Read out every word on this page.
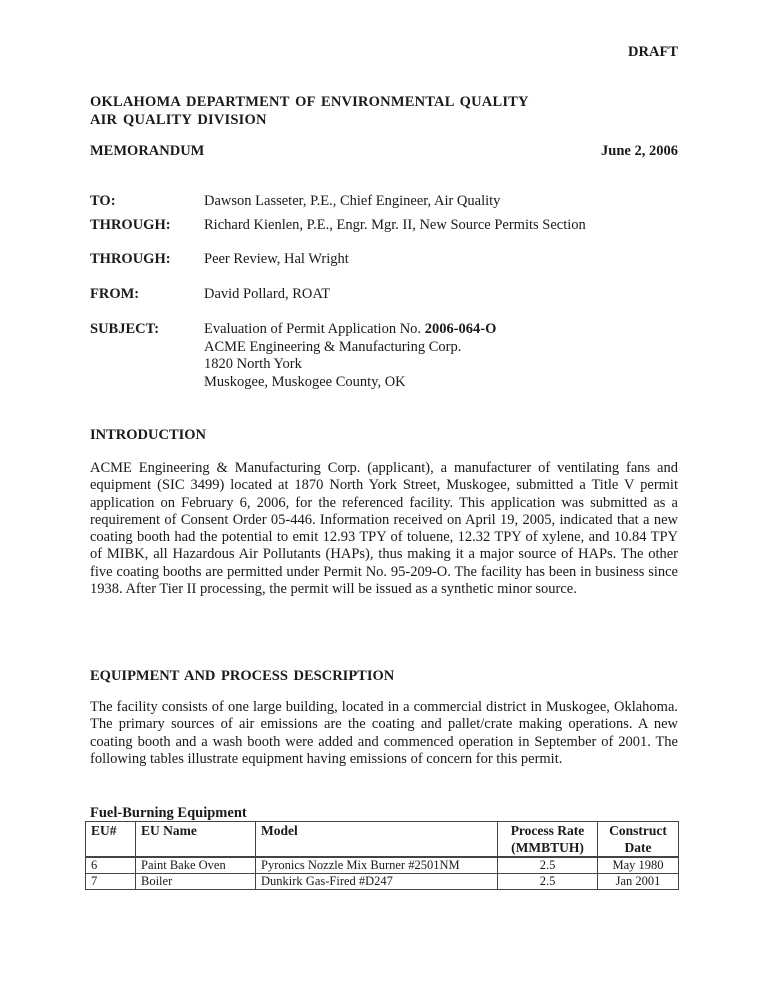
DRAFT
OKLAHOMA DEPARTMENT OF ENVIRONMENTAL QUALITY
AIR QUALITY DIVISION
MEMORANDUM	June 2, 2006
TO:	Dawson Lasseter, P.E., Chief Engineer, Air Quality
THROUGH:	Richard Kienlen, P.E., Engr. Mgr. II, New Source Permits Section
THROUGH:	Peer Review, Hal Wright
FROM:	David Pollard, ROAT
SUBJECT:	Evaluation of Permit Application No. 2006-064-O
ACME Engineering & Manufacturing Corp.
1820 North York
Muskogee, Muskogee County, OK
INTRODUCTION
ACME Engineering & Manufacturing Corp. (applicant), a manufacturer of ventilating fans and equipment (SIC 3499) located at 1870 North York Street, Muskogee, submitted a Title V permit application on February 6, 2006, for the referenced facility. This application was submitted as a requirement of Consent Order 05-446. Information received on April 19, 2005, indicated that a new coating booth had the potential to emit 12.93 TPY of toluene, 12.32 TPY of xylene, and 10.84 TPY of MIBK, all Hazardous Air Pollutants (HAPs), thus making it a major source of HAPs. The other five coating booths are permitted under Permit No. 95-209-O. The facility has been in business since 1938. After Tier II processing, the permit will be issued as a synthetic minor source.
EQUIPMENT AND PROCESS DESCRIPTION
The facility consists of one large building, located in a commercial district in Muskogee, Oklahoma. The primary sources of air emissions are the coating and pallet/crate making operations. A new coating booth and a wash booth were added and commenced operation in September of 2001. The following tables illustrate equipment having emissions of concern for this permit.
Fuel-Burning Equipment
EU#	EU Name	Model	Process Rate (MMBTUH)	Construct Date
6	Paint Bake Oven	Pyronics Nozzle Mix Burner #2501NM	2.5	May 1980
7	Boiler	Dunkirk Gas-Fired #D247	2.5	Jan 2001
